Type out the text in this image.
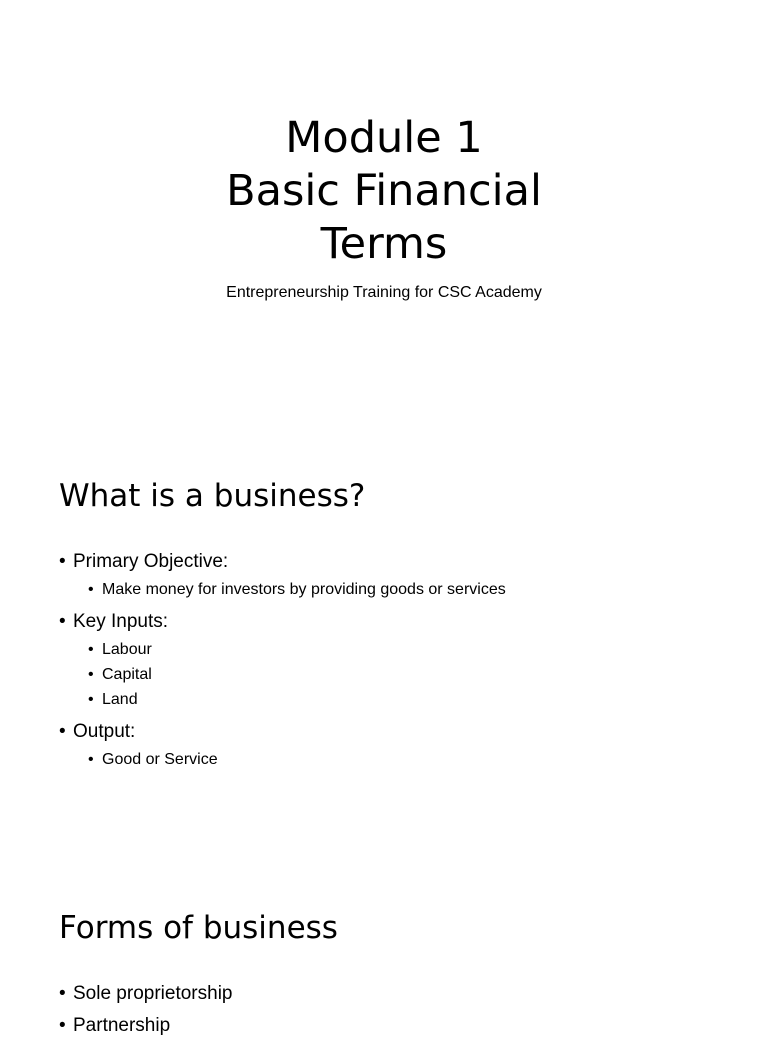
Module 1
Basic Financial
Terms
Entrepreneurship Training for CSC Academy
What is a business?
• Primary Objective:
• Make money for investors by providing goods or services
• Key Inputs:
• Labour
• Capital
• Land
• Output:
• Good or Service
Forms of business
• Sole proprietorship
• Partnership
